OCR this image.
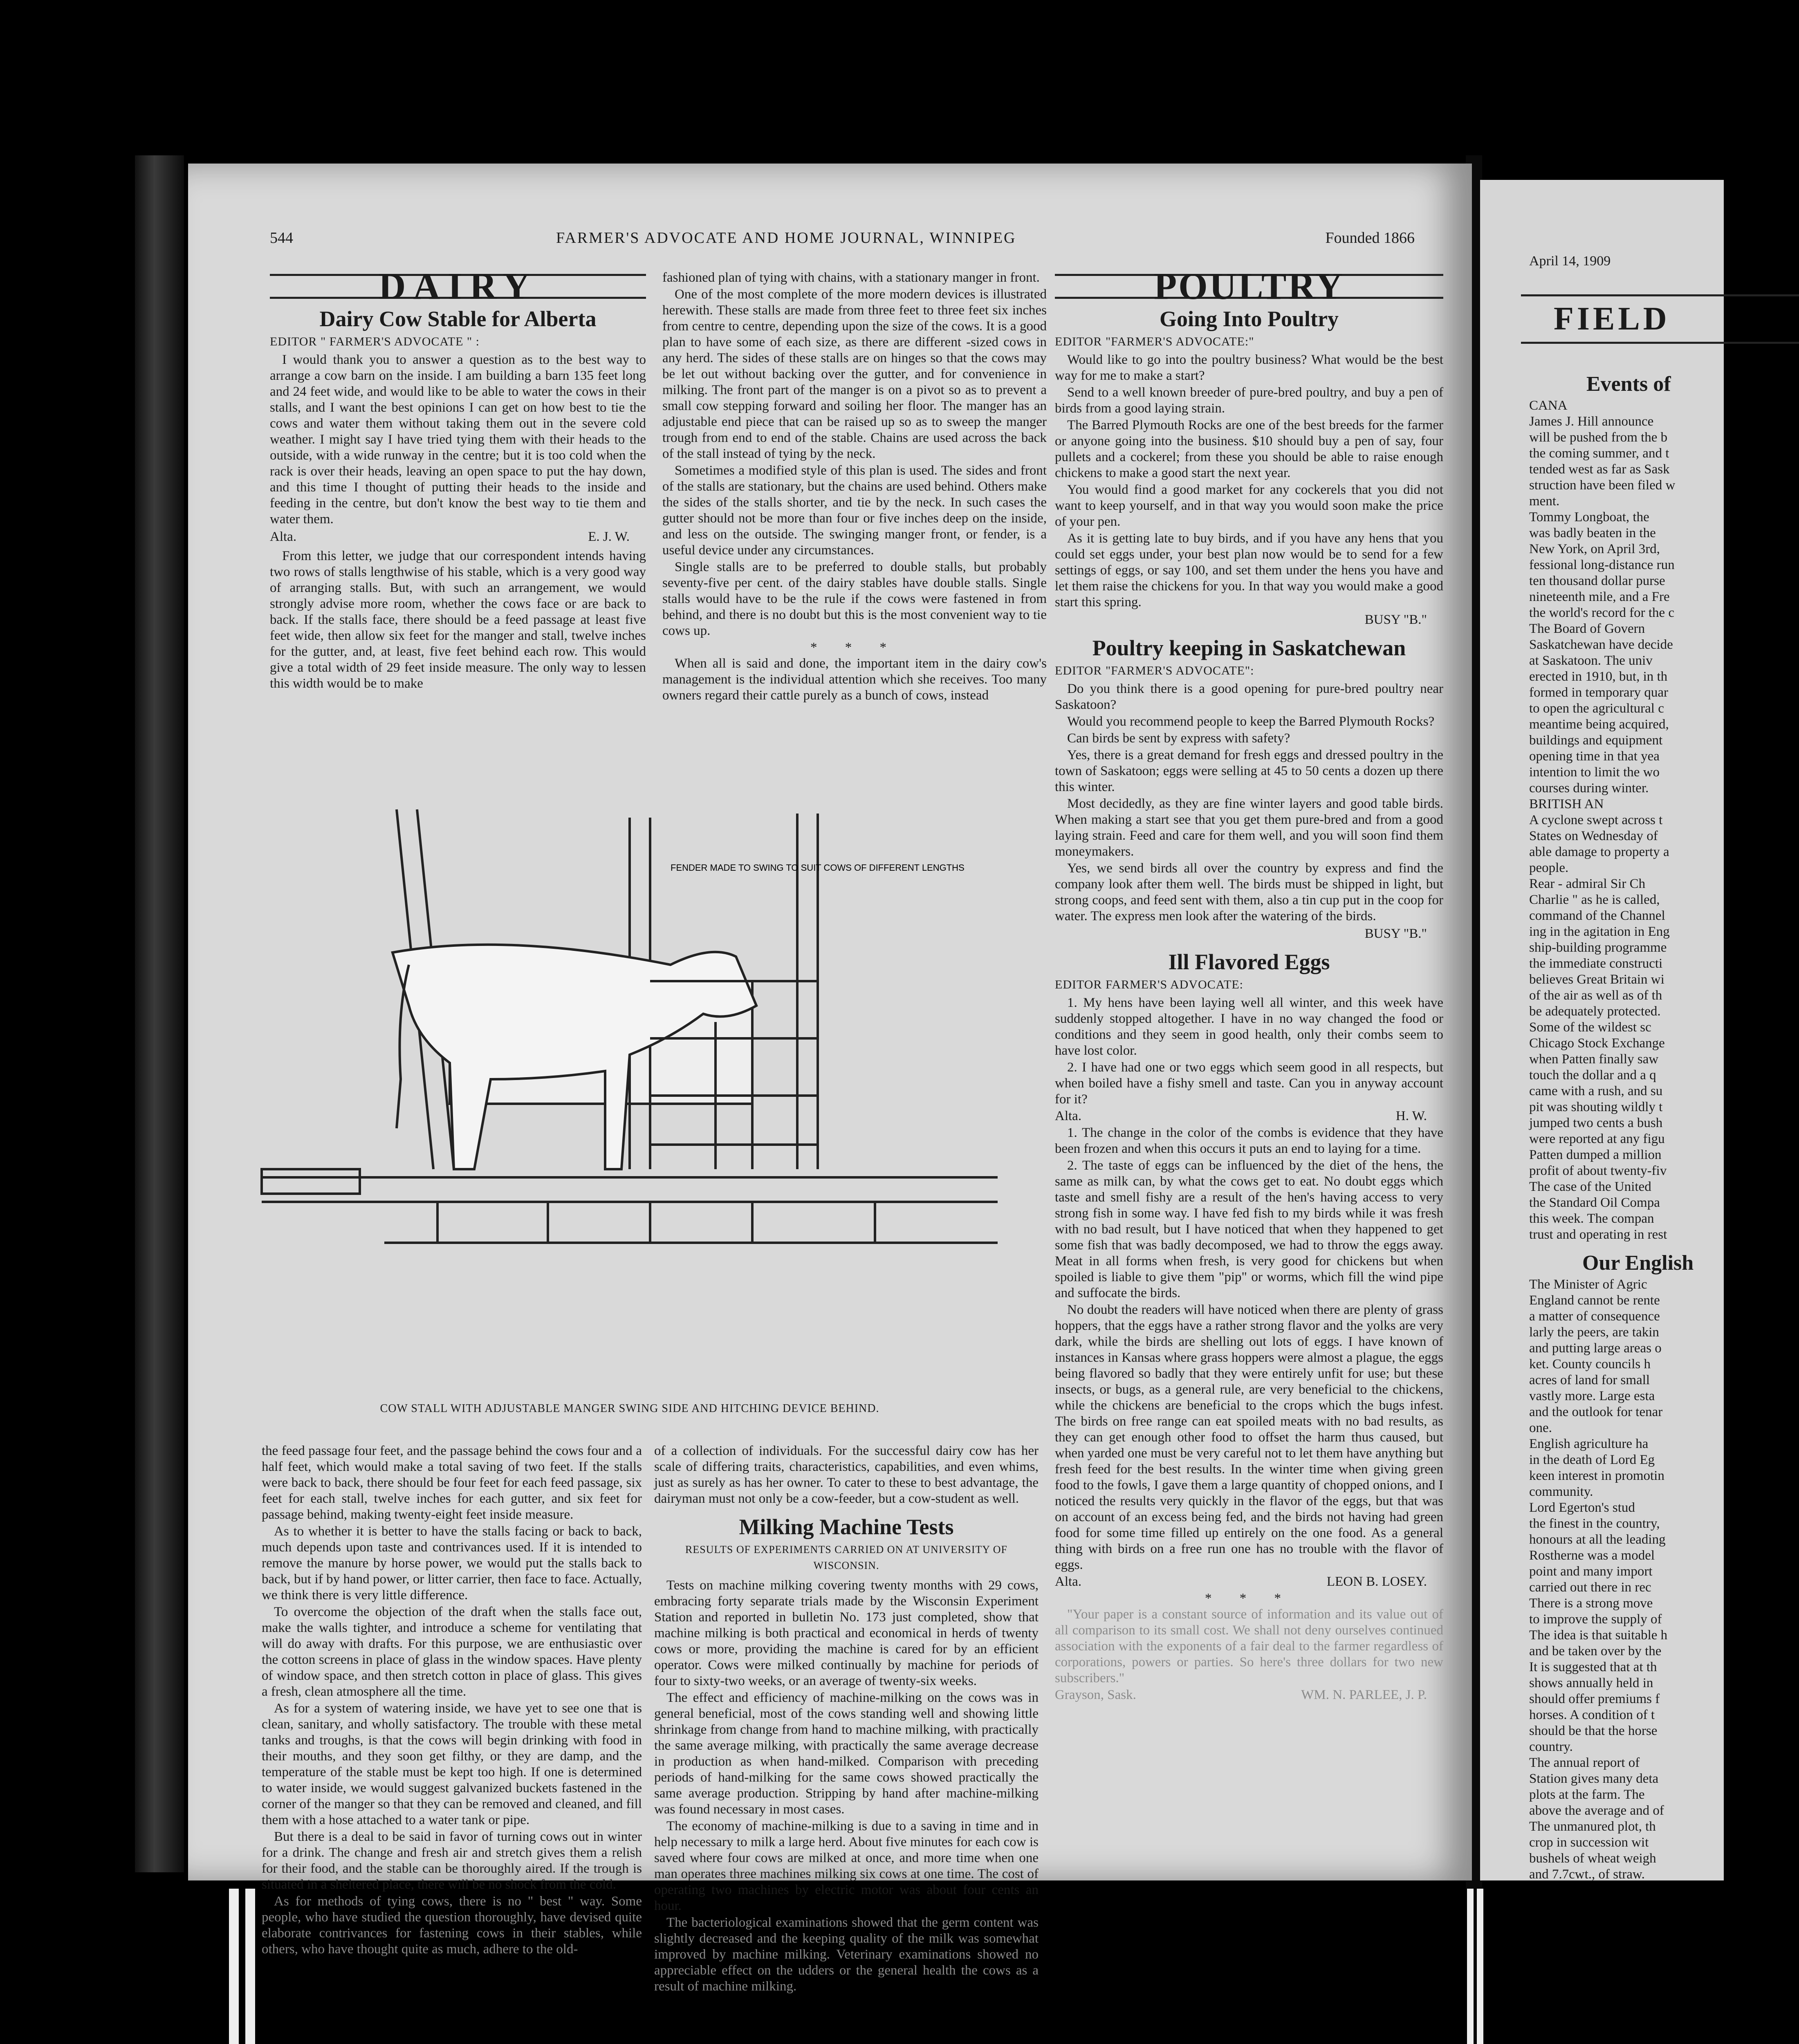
544	FARMER'S ADVOCATE AND HOME JOURNAL, WINNIPEG	Founded 1866
DAIRY
Dairy Cow Stable for Alberta
EDITOR " FARMER'S ADVOCATE " :

I would thank you to answer a question as to the best way to arrange a cow barn on the inside. I am building a barn 135 feet long and 24 feet wide, and would like to be able to water the cows in their stalls, and I want the best opinions I can get on how best to tie the cows and water them without taking them out in the severe cold weather. I might say I have tried tying them with their heads to the outside, with a wide runway in the centre; but it is too cold when the rack is over their heads, leaving an open space to put the hay down, and this time I thought of putting their heads to the inside and feeding in the centre, but don't know the best way to tie them and water them.

Alta.	E. J. W.

From this letter, we judge that our correspondent intends having two rows of stalls lengthwise of his stable, which is a very good way of arranging stalls. But, with such an arrangement, we would strongly advise more room, whether the cows face or are back to back. If the stalls face, there should be a feed passage at least five feet wide, then allow six feet for the manger and stall, twelve inches for the gutter, and, at least, five feet behind each row. This would give a total width of 29 feet inside measure. The only way to lessen this width would be to make

fashioned plan of tying with chains, with a stationary manger in front.

One of the most complete of the more modern devices is illustrated herewith. These stalls are made from three feet to three feet six inches from centre to centre, depending upon the size of the cows. It is a good plan to have some of each size, as there are different -sized cows in any herd. The sides of these stalls are on hinges so that the cows may be let out without backing over the gutter, and for convenience in milking. The front part of the manger is on a pivot so as to prevent a small cow stepping forward and soiling her floor. The manger has an adjustable end piece that can be raised up so as to sweep the manger trough from end to end of the stable. Chains are used across the back of the stall instead of tying by the neck.

Sometimes a modified style of this plan is used. The sides and front of the stalls are stationary, but the chains are used behind. Others make the sides of the stalls shorter, and tie by the neck. In such cases the gutter should not be more than four or five inches deep on the inside, and less on the outside. The swinging manger front, or fender, is a useful device under any circumstances.

Single stalls are to be preferred to double stalls, but probably seventy-five per cent. of the dairy stables have double stalls. Single stalls would have to be the rule if the cows were fastened in from behind, and there is no doubt but this is the most convenient way to tie cows up.

* * *

When all is said and done, the important item in the dairy cow's management is the individual attention which she receives. Too many owners regard their cattle purely as a bunch of cows, instead

FENDER MADE TO SWING TO SUIT COWS OF DIFFERENT LENGTHS
COW STALL WITH ADJUSTABLE MANGER SWING SIDE AND HITCHING DEVICE BEHIND.

the feed passage four feet, and the passage behind the cows four and a half feet, which would make a total saving of two feet. If the stalls were back to back, there should be four feet for each feed passage, six feet for each stall, twelve inches for each gutter, and six feet for passage behind, making twenty-eight feet inside measure.

As to whether it is better to have the stalls facing or back to back, much depends upon taste and contrivances used. If it is intended to remove the manure by horse power, we would put the stalls back to back, but if by hand power, or litter carrier, then face to face. Actually, we think there is very little difference.

To overcome the objection of the draft when the stalls face out, make the walls tighter, and introduce a scheme for ventilating that will do away with drafts. For this purpose, we are enthusiastic over the cotton screens in place of glass in the window spaces. Have plenty of window space, and then stretch cotton in place of glass. This gives a fresh, clean atmosphere all the time.

As for a system of watering inside, we have yet to see one that is clean, sanitary, and wholly satisfactory. The trouble with these metal tanks and troughs, is that the cows will begin drinking with food in their mouths, and they soon get filthy, or they are damp, and the temperature of the stable must be kept too high. If one is determined to water inside, we would suggest galvanized buckets fastened in the corner of the manger so that they can be removed and cleaned, and fill them with a hose attached to a water tank or pipe.

But there is a deal to be said in favor of turning cows out in winter for a drink. The change and fresh air and stretch gives them a relish for their food, and the stable can be thoroughly aired. If the trough is situated in a sheltered place, there will be no shock from the cold.

As for methods of tying cows, there is no " best " way. Some people, who have studied the question thoroughly, have devised quite elaborate contrivances for fastening cows in their stables, while others, who have thought quite as much, adhere to the old-

of a collection of individuals. For the successful dairy cow has her scale of differing traits, characteristics, capabilities, and even whims, just as surely as has her owner. To cater to these to best advantage, the dairyman must not only be a cow-feeder, but a cow-student as well.

Milking Machine Tests
RESULTS OF EXPERIMENTS CARRIED ON AT UNIVERSITY OF WISCONSIN.

Tests on machine milking covering twenty months with 29 cows, embracing forty separate trials made by the Wisconsin Experiment Station and reported in bulletin No. 173 just completed, show that machine milking is both practical and economical in herds of twenty cows or more, providing the machine is cared for by an efficient operator. Cows were milked continually by machine for periods of four to sixty-two weeks, or an average of twenty-six weeks.

The effect and efficiency of machine-milking on the cows was in general beneficial, most of the cows standing well and showing little shrinkage from change from hand to machine milking, with practically the same average milking, with practically the same average decrease in production as when hand-milked. Comparison with preceding periods of hand-milking for the same cows showed practically the same average production. Stripping by hand after machine-milking was found necessary in most cases.

The economy of machine-milking is due to a saving in time and in help necessary to milk a large herd. About five minutes for each cow is saved where four cows are milked at once, and more time when one man operates three machines milking six cows at one time. The cost of operating two machines by electric motor was about four cents an hour.

The bacteriological examinations showed that the germ content was slightly decreased and the keeping quality of the milk was somewhat improved by machine milking. Veterinary examinations showed no appreciable effect on the udders or the general health the cows as a result of machine milking.

POULTRY
Going Into Poultry
EDITOR "FARMER'S ADVOCATE:"

Would like to go into the poultry business? What would be the best way for me to make a start?

Send to a well known breeder of pure-bred poultry, and buy a pen of birds from a good laying strain.

The Barred Plymouth Rocks are one of the best breeds for the farmer or anyone going into the business. $10 should buy a pen of say, four pullets and a cockerel; from these you should be able to raise enough chickens to make a good start the next year.

You would find a good market for any cockerels that you did not want to keep yourself, and in that way you would soon make the price of your pen.

As it is getting late to buy birds, and if you have any hens that you could set eggs under, your best plan now would be to send for a few settings of eggs, or say 100, and set them under the hens you have and let them raise the chickens for you. In that way you would make a good start this spring.

BUSY "B."
Poultry keeping in Saskatchewan
EDITOR "FARMER'S ADVOCATE":

Do you think there is a good opening for pure-bred poultry near Saskatoon?

Would you recommend people to keep the Barred Plymouth Rocks?

Can birds be sent by express with safety?

Yes, there is a great demand for fresh eggs and dressed poultry in the town of Saskatoon; eggs were selling at 45 to 50 cents a dozen up there this winter.

Most decidedly, as they are fine winter layers and good table birds. When making a start see that you get them pure-bred and from a good laying strain. Feed and care for them well, and you will soon find them moneymakers.

Yes, we send birds all over the country by express and find the company look after them well. The birds must be shipped in light, but strong coops, and feed sent with them, also a tin cup put in the coop for water. The express men look after the watering of the birds.

BUSY "B."
Ill Flavored Eggs
EDITOR FARMER'S ADVOCATE:

1. My hens have been laying well all winter, and this week have suddenly stopped altogether. I have in no way changed the food or conditions and they seem in good health, only their combs seem to have lost color.

2. I have had one or two eggs which seem good in all respects, but when boiled have a fishy smell and taste. Can you in anyway account for it?

Alta.	H. W.

1. The change in the color of the combs is evidence that they have been frozen and when this occurs it puts an end to laying for a time.

2. The taste of eggs can be influenced by the diet of the hens, the same as milk can, by what the cows get to eat. No doubt eggs which taste and smell fishy are a result of the hen's having access to very strong fish in some way. I have fed fish to my birds while it was fresh with no bad result, but I have noticed that when they happened to get some fish that was badly decomposed, we had to throw the eggs away. Meat in all forms when fresh, is very good for chickens but when spoiled is liable to give them "pip" or worms, which fill the wind pipe and suffocate the birds.

No doubt the readers will have noticed when there are plenty of grass hoppers, that the eggs have a rather strong flavor and the yolks are very dark, while the birds are shelling out lots of eggs. I have known of instances in Kansas where grass hoppers were almost a plague, the eggs being flavored so badly that they were entirely unfit for use; but these insects, or bugs, as a general rule, are very beneficial to the chickens, while the chickens are beneficial to the crops which the bugs infest. The birds on free range can eat spoiled meats with no bad results, as they can get enough other food to offset the harm thus caused, but when yarded one must be very careful not to let them have anything but fresh feed for the best results. In the winter time when giving green food to the fowls, I gave them a large quantity of chopped onions, and I noticed the results very quickly in the flavor of the eggs, but that was on account of an excess being fed, and the birds not having had green food for some time filled up entirely on the one food. As a general thing with birds on a free run one has no trouble with the flavor of eggs.

Alta.	LEON B. LOSEY.
* * *

"Your paper is a constant source of information and its value out of all comparison to its small cost. We shall not deny ourselves continued association with the exponents of a fair deal to the farmer regardless of corporations, powers or parties. So here's three dollars for two new subscribers."

Grayson, Sask.	WM. N. PARLEE, J. P.
April 14, 1909
FIELD
Events of

CANA

James J. Hill announce

will be pushed from the b

the coming summer, and t

tended west as far as Sask

struction have been filed w

ment.

Tommy Longboat, the

was badly beaten in the

New York, on April 3rd,

fessional long-distance run

ten thousand dollar purse

nineteenth mile, and a Fre

the world's record for the c

The Board of Govern

Saskatchewan have decide

at Saskatoon. The univ

erected in 1910, but, in th

formed in temporary quar

to open the agricultural c

meantime being acquired,

buildings and equipment

opening time in that yea

intention to limit the wo

courses during winter.

BRITISH AN

A cyclone swept across t

States on Wednesday of

able damage to property a

people.

Rear - admiral Sir Ch

Charlie " as he is called,

command of the Channel

ing in the agitation in Eng

ship-building programme

the immediate constructi

believes Great Britain wi

of the air as well as of th

be adequately protected.

Some of the wildest sc

Chicago Stock Exchange

when Patten finally saw

touch the dollar and a q

came with a rush, and su

pit was shouting wildly t

jumped two cents a bush

were reported at any figu

Patten dumped a million

profit of about twenty-fiv

The case of the United

the Standard Oil Compa

this week. The compan

trust and operating in rest

Our English

The Minister of Agric

England cannot be rente

a matter of consequence

larly the peers, are takin

and putting large areas o

ket. County councils h

acres of land for small

vastly more. Large esta

and the outlook for tenar

one.

English agriculture ha

in the death of Lord Eg

keen interest in promotin

community.

Lord Egerton's stud

the finest in the country,

honours at all the leading

Rostherne was a model

point and many import

carried out there in rec

There is a strong move

to improve the supply of

The idea is that suitable h

and be taken over by the

It is suggested that at th

shows annually held in

should offer premiums f

horses. A condition of t

should be that the horse

country.

The annual report of

Station gives many deta

plots at the farm. The

above the average and of

The unmanured plot, th

crop in succession wit

bushels of wheat weigh

and 7.7cwt., of straw.
